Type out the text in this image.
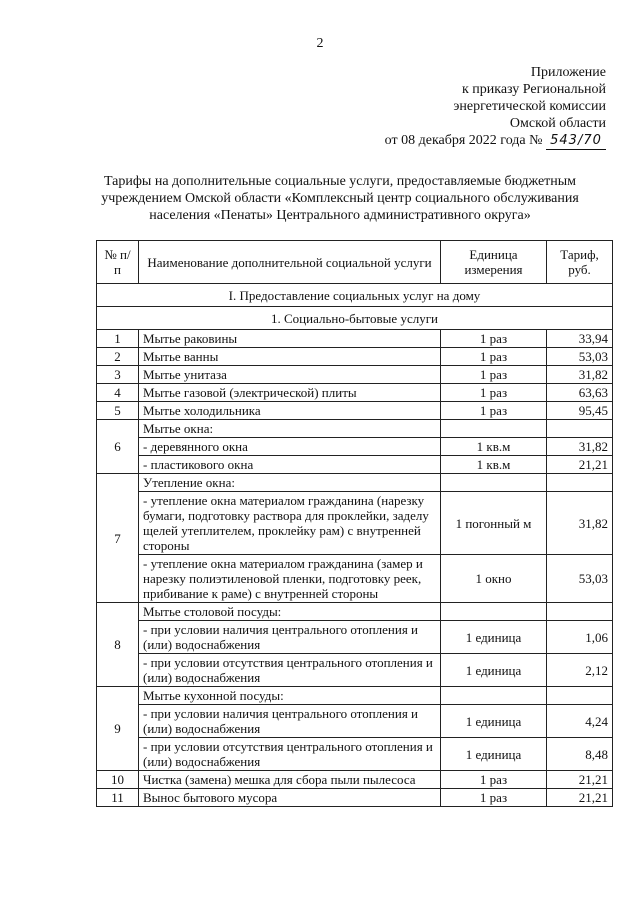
2
Приложение
к приказу Региональной
энергетической комиссии
Омской области
от 08 декабря 2022 года № 543/70
Тарифы на дополнительные социальные услуги, предоставляемые бюджетным учреждением Омской области «Комплексный центр социального обслуживания населения «Пенаты» Центрального административного округа»
№ п/п	Наименование дополнительной социальной услуги	Единица измерения	Тариф, руб.
I. Предоставление социальных услуг на дому			
1. Социально-бытовые услуги			
1	Мытье раковины	1 раз	33,94
2	Мытье ванны	1 раз	53,03
3	Мытье унитаза	1 раз	31,82
4	Мытье газовой (электрической) плиты	1 раз	63,63
5	Мытье холодильника	1 раз	95,45
6	Мытье окна:		
	- деревянного окна	1 кв.м	31,82
	- пластикового окна	1 кв.м	21,21
7	Утепление окна:		
	- утепление окна материалом гражданина (нарезку бумаги, подготовку раствора для проклейки, заделу щелей утеплителем, проклейку рам) с внутренней стороны	1 погонный м	31,82
	- утепление окна материалом гражданина (замер и нарезку полиэтиленовой пленки, подготовку реек, прибивание к раме) с внутренней стороны	1 окно	53,03
8	Мытье столовой посуды:		
	- при условии наличия центрального отопления и (или) водоснабжения	1 единица	1,06
	- при условии отсутствия центрального отопления и (или) водоснабжения	1 единица	2,12
9	Мытье кухонной посуды:		
	- при условии наличия центрального отопления и (или) водоснабжения	1 единица	4,24
	- при условии отсутствия центрального отопления и (или) водоснабжения	1 единица	8,48
10	Чистка (замена) мешка для сбора пыли пылесоса	1 раз	21,21
11	Вынос бытового мусора	1 раз	21,21
